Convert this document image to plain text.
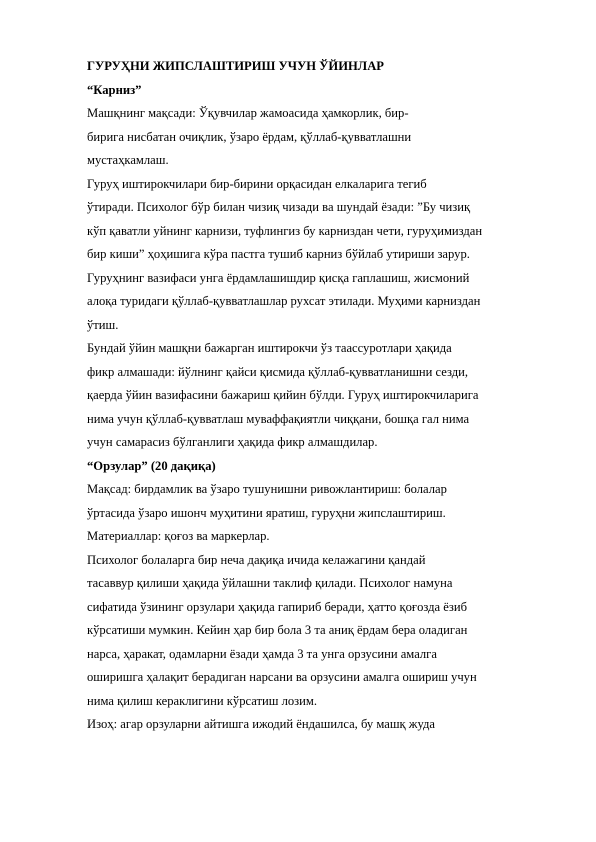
ГУРУҲНИ ЖИПСЛАШТИРИШ УЧУН ЎЙИНЛАР
“Карниз”
Машқнинг мақсади: Ўқувчилар жамоасида ҳамкорлик, бир-
бирига нисбатан очиқлик, ўзаро ёрдам, қўллаб-қувватлашни
мустаҳкамлаш.
Гуруҳ иштирокчилари бир-бирини орқасидан елкаларига тегиб
ўтиради. Психолог бўр билан чизиқ чизади ва шундай ёзади: ”Бу чизиқ
кўп қаватли уйнинг карнизи, туфлингиз бу карниздан чети, гуруҳимиздан
бир киши” ҳоҳишига кўра пастга тушиб карниз бўйлаб утириши зарур.
Гуруҳнинг вазифаси унга ёрдамлашишдир қисқа гаплашиш, жисмоний
алоқа туридаги қўллаб-қувватлашлар рухсат этилади. Муҳими карниздан
ўтиш.
Бундай ўйин машқни бажарган иштирокчи ўз таассуротлари ҳақида
фикр алмашади: йўлнинг қайси қисмида қўллаб-қувватланишни сезди,
қаерда ўйин вазифасини бажариш қийин бўлди. Гуруҳ иштирокчиларига
нима учун қўллаб-қувватлаш муваффақиятли чиққани, бошқа гал нима
учун самарасиз бўлганлиги ҳақида фикр алмашдилар.
“Орзулар” (20 дақиқа)
Мақсад: бирдамлик ва ўзаро тушунишни ривожлантириш: болалар
ўртасида ўзаро ишонч муҳитини яратиш, гуруҳни жипслаштириш.
Материаллар: қоғоз ва маркерлар.
Психолог болаларга бир неча дақиқа ичида келажагини қандай
тасаввур қилиши ҳақида ўйлашни таклиф қилади. Психолог намуна
сифатида ўзининг орзулари ҳақида гапириб беради, ҳатто қоғозда ёзиб
кўрсатиши мумкин. Кейин ҳар бир бола 3 та аниқ ёрдам бера оладиган
нарса, ҳаракат, одамларни ёзади ҳамда 3 та унга орзусини амалга
оширишга ҳалақит берадиган нарсани ва орзусини амалга ошириш учун
нима қилиш кераклигини кўрсатиш лозим.
Изоҳ: агар орзуларни айтишга ижодий ёндашилса, бу машқ жуда
